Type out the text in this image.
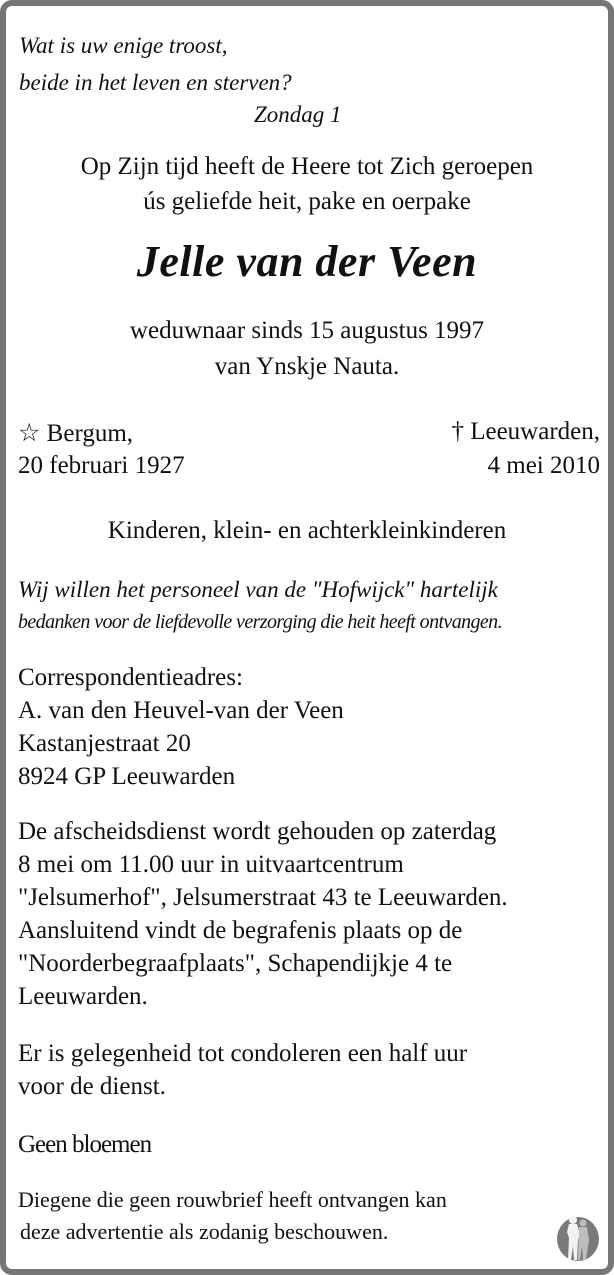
Wat is uw enige troost,
beide in het leven en sterven?
Zondag 1
Op Zijn tijd heeft de Heere tot Zich geroepen
ús geliefde heit, pake en oerpake
Jelle van der Veen
weduwnaar sinds 15 augustus 1997
van Ynskje Nauta.
☆ Bergum,
20 februari 1927
† Leeuwarden,
4 mei 2010
Kinderen, klein- en achterkleinkinderen
Wij willen het personeel van de "Hofwijck" hartelijk
bedanken voor de liefdevolle verzorging die heit heeft ontvangen.
Correspondentieadres:
A. van den Heuvel-van der Veen
Kastanjestraat 20
8924 GP Leeuwarden
De afscheidsdienst wordt gehouden op zaterdag
8 mei om 11.00 uur in uitvaartcentrum
"Jelsumerhof", Jelsumerstraat 43 te Leeuwarden.
Aansluitend vindt de begrafenis plaats op de
"Noorderbegraafplaats", Schapendijkje 4 te
Leeuwarden.
Er is gelegenheid tot condoleren een half uur
voor de dienst.
Geen bloemen
Diegene die geen rouwbrief heeft ontvangen kan
deze advertentie als zodanig beschouwen.
